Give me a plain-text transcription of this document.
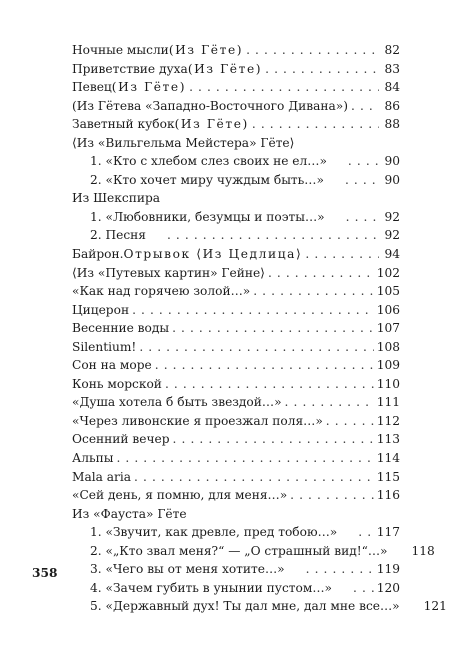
Ночные мысли (Из Гёте) . . .	82
Приветствие духа (Из Гёте) . . .	83
Певец (Из Гёте) . . .	84
(Из Гётева «Западно-Восточного Дивана») . . .	86
Заветный кубок (Из Гёте) . . .	88
⟨Из «Вильгельма Мейстера» Гёте⟩
1. «Кто с хлебом слез своих не ел…» . . .	90
2. «Кто хочет миру чуждым быть…» . . .	90
Из Шекспира
1. «Любовники, безумцы и поэты…» . . .	92
2. Песня . . .	92
Байрон. Отрывок ⟨Из Цедлица⟩ . . .	94
⟨Из «Путевых картин» Гейне⟩ . . .	102
«Как над горячею золой…» . . .	105
Цицерон . . .	106
Весенние воды . . .	107
Silentium! . . .	108
Сон на море . . .	109
Конь морской . . .	110
«Душа хотела б быть звездой…» . . .	111
«Через ливонские я проезжал поля…» . . .	112
Осенний вечер . . .	113
Альпы . . .	114
Mala aria . . .	115
«Сей день, я помню, для меня…» . . .	116
Из «Фауста» Гёте
1. «Звучит, как древле, пред тобою…» . . .	117
2. «„Кто звал меня?“ — „О страшный вид!“…» 118
3. «Чего вы от меня хотите…» . . .	119
4. «Зачем губить в унынии пустом…» . . .	120
5. «Державный дух! Ты дал мне, дал мне все…» 121
358
